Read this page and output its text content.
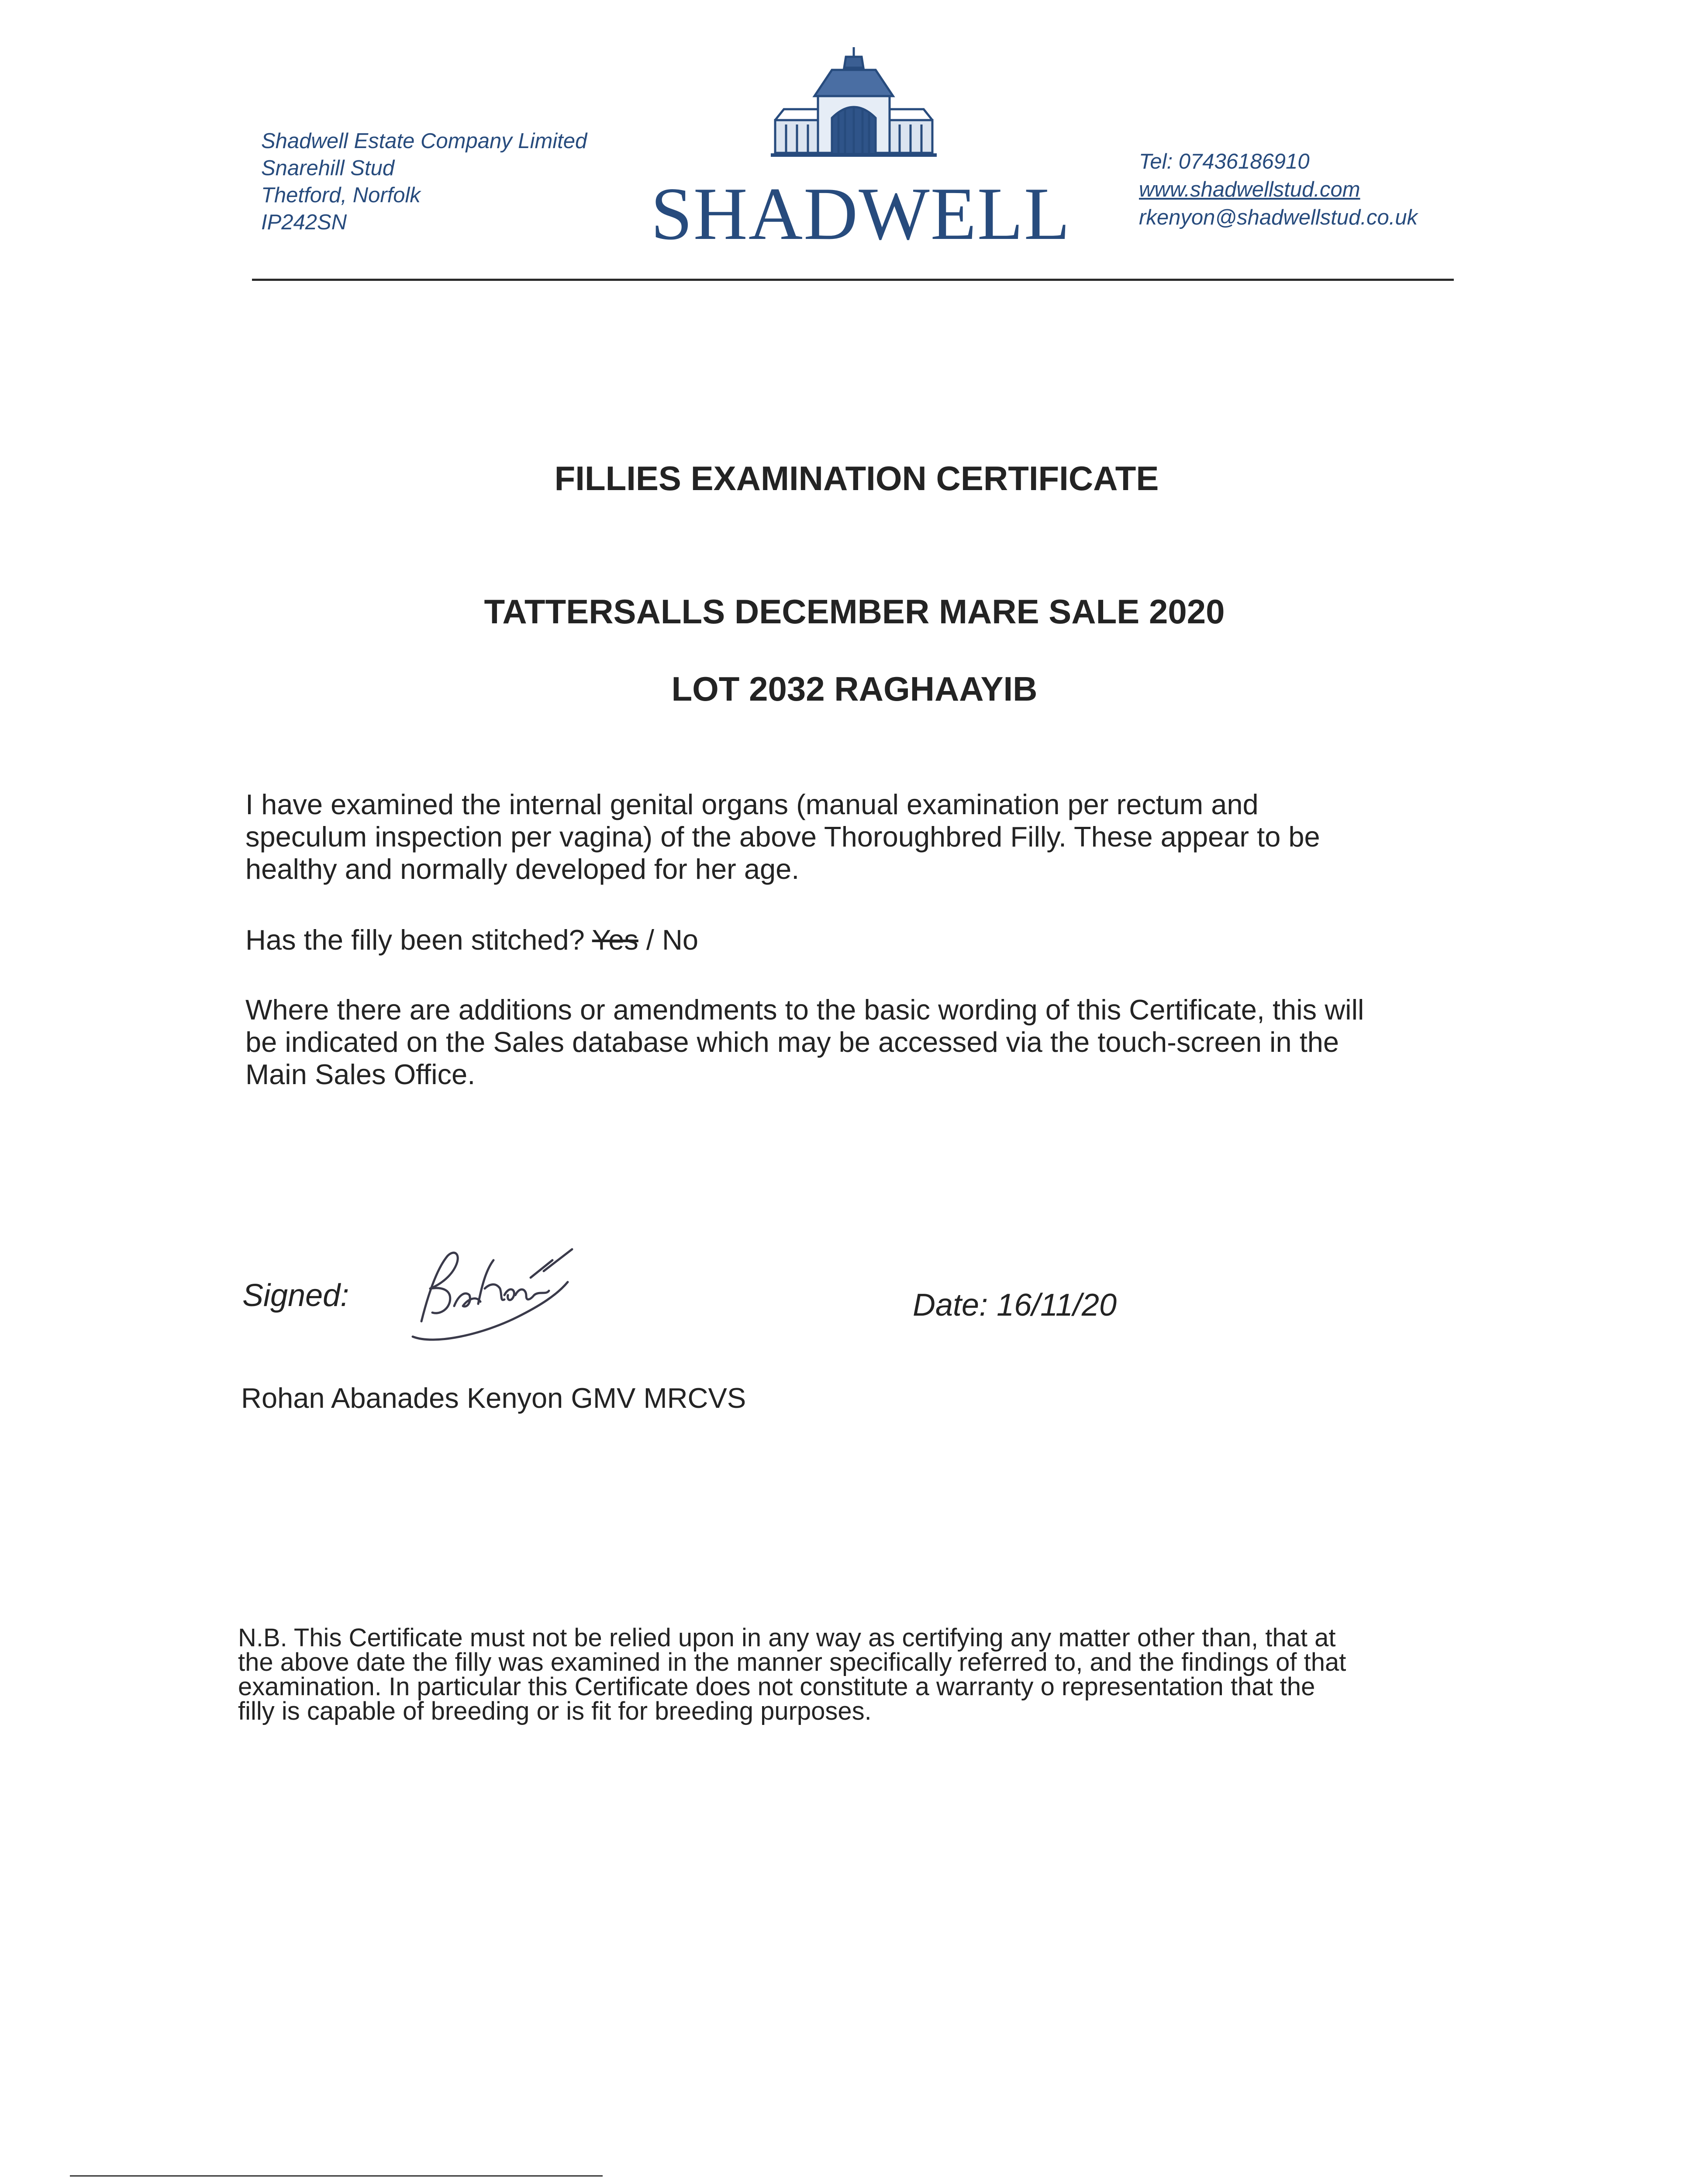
Shadwell Estate Company Limited
Snarehill Stud
Thetford, Norfolk
IP242SN	SHADWELL
Tel: 07436186910
www.shadwellstud.com
rkenyon@shadwellstud.co.uk
FILLIES EXAMINATION CERTIFICATE
TATTERSALLS DECEMBER MARE SALE 2020
LOT 2032 RAGHAAYIB
I have examined the internal genital organs (manual examination per rectum and
speculum inspection per vagina) of the above Thoroughbred Filly. These appear to be
healthy and normally developed for her age.
Has the filly been stitched? Yes / No
Where there are additions or amendments to the basic wording of this Certificate, this will
be indicated on the Sales database which may be accessed via the touch-screen in the
Main Sales Office.
Signed:	Date: 16/11/20
Rohan Abanades Kenyon GMV MRCVS
N.B. This Certificate must not be relied upon in any way as certifying any matter other than, that at
the above date the filly was examined in the manner specifically referred to, and the findings of that
examination. In particular this Certificate does not constitute a warranty o representation that the
filly is capable of breeding or is fit for breeding purposes.
